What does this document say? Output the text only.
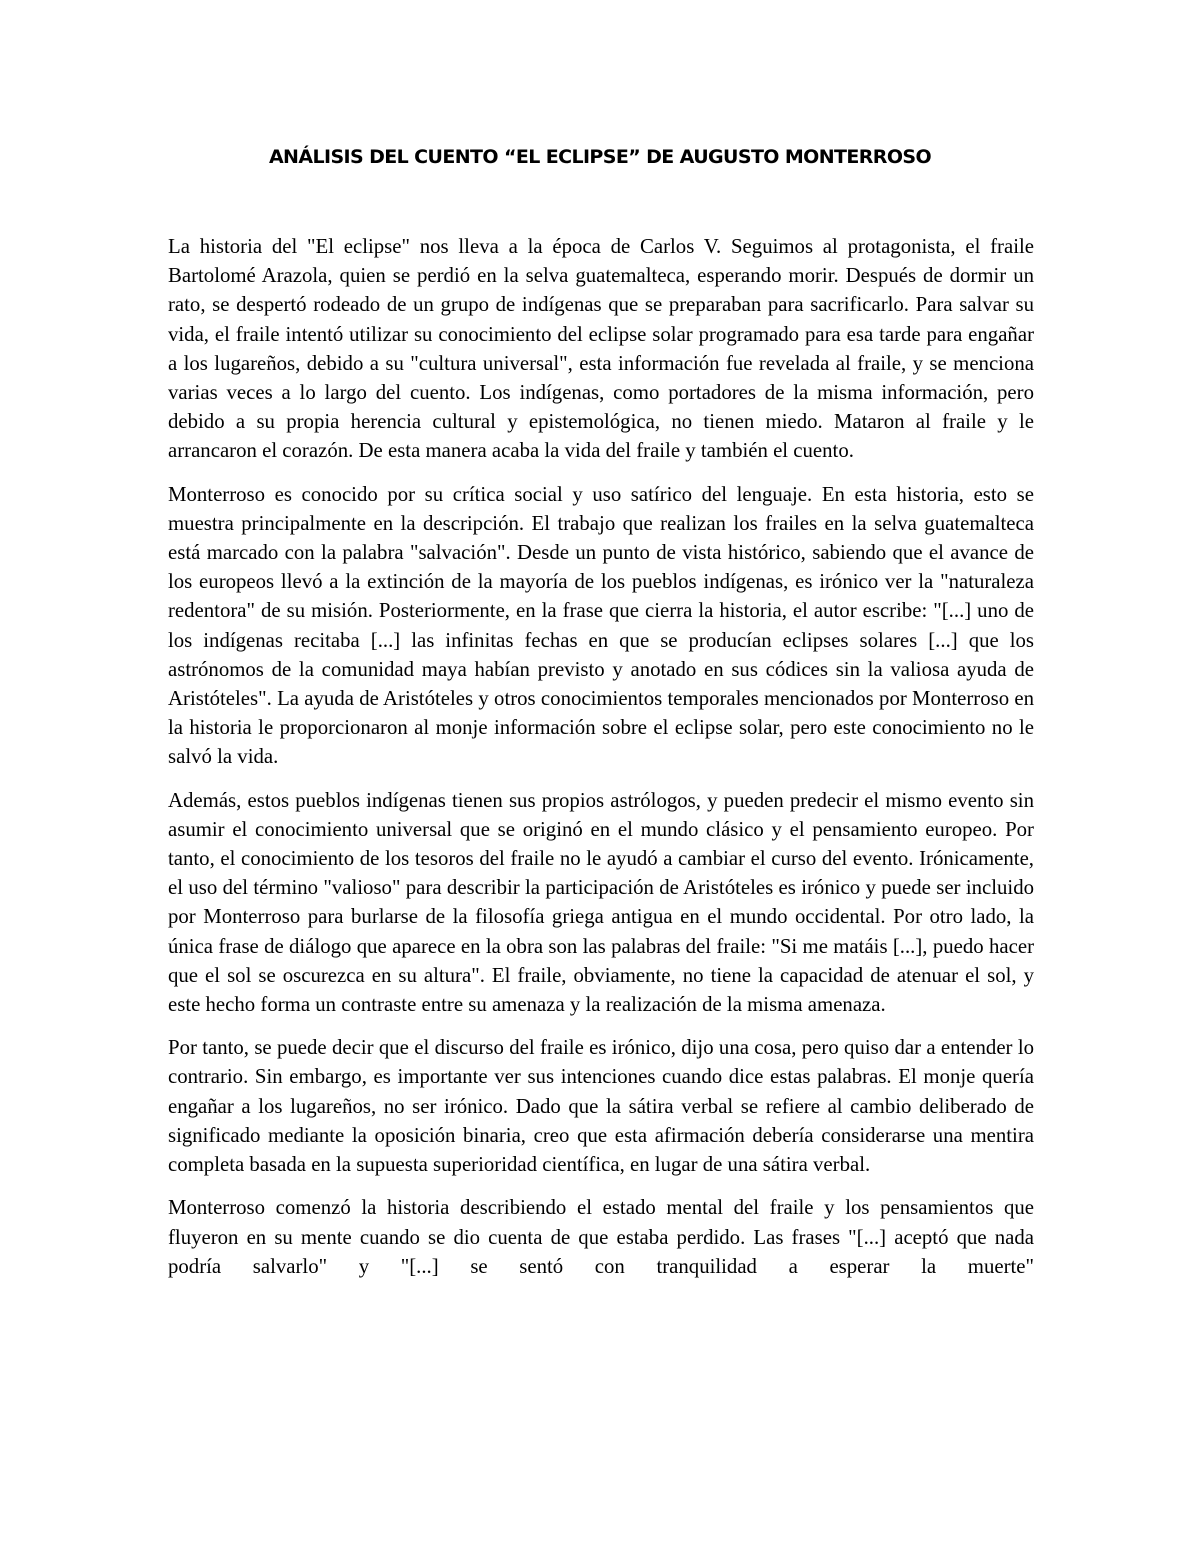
ANÁLISIS DEL CUENTO “EL ECLIPSE” DE AUGUSTO MONTERROSO

La historia del "El eclipse" nos lleva a la época de Carlos V. Seguimos al protagonista, el fraile Bartolomé Arazola, quien se perdió en la selva guatemalteca, esperando morir. Después de dormir un rato, se despertó rodeado de un grupo de indígenas que se preparaban para sacrificarlo. Para salvar su vida, el fraile intentó utilizar su conocimiento del eclipse solar programado para esa tarde para engañar a los lugareños, debido a su "cultura universal", esta información fue revelada al fraile, y se menciona varias veces a lo largo del cuento. Los indígenas, como portadores de la misma información, pero debido a su propia herencia cultural y epistemológica, no tienen miedo. Mataron al fraile y le arrancaron el corazón. De esta manera acaba la vida del fraile y también el cuento.

Monterroso es conocido por su crítica social y uso satírico del lenguaje. En esta historia, esto se muestra principalmente en la descripción. El trabajo que realizan los frailes en la selva guatemalteca está marcado con la palabra "salvación". Desde un punto de vista histórico, sabiendo que el avance de los europeos llevó a la extinción de la mayoría de los pueblos indígenas, es irónico ver la "naturaleza redentora" de su misión. Posteriormente, en la frase que cierra la historia, el autor escribe: "[...] uno de los indígenas recitaba [...] las infinitas fechas en que se producían eclipses solares [...] que los astrónomos de la comunidad maya habían previsto y anotado en sus códices sin la valiosa ayuda de Aristóteles". La ayuda de Aristóteles y otros conocimientos temporales mencionados por Monterroso en la historia le proporcionaron al monje información sobre el eclipse solar, pero este conocimiento no le salvó la vida.

Además, estos pueblos indígenas tienen sus propios astrólogos, y pueden predecir el mismo evento sin asumir el conocimiento universal que se originó en el mundo clásico y el pensamiento europeo. Por tanto, el conocimiento de los tesoros del fraile no le ayudó a cambiar el curso del evento. Irónicamente, el uso del término "valioso" para describir la participación de Aristóteles es irónico y puede ser incluido por Monterroso para burlarse de la filosofía griega antigua en el mundo occidental. Por otro lado, la única frase de diálogo que aparece en la obra son las palabras del fraile: "Si me matáis [...], puedo hacer que el sol se oscurezca en su altura". El fraile, obviamente, no tiene la capacidad de atenuar el sol, y este hecho forma un contraste entre su amenaza y la realización de la misma amenaza.

Por tanto, se puede decir que el discurso del fraile es irónico, dijo una cosa, pero quiso dar a entender lo contrario. Sin embargo, es importante ver sus intenciones cuando dice estas palabras. El monje quería engañar a los lugareños, no ser irónico. Dado que la sátira verbal se refiere al cambio deliberado de significado mediante la oposición binaria, creo que esta afirmación debería considerarse una mentira completa basada en la supuesta superioridad científica, en lugar de una sátira verbal.

Monterroso comenzó la historia describiendo el estado mental del fraile y los pensamientos que fluyeron en su mente cuando se dio cuenta de que estaba perdido. Las frases "[...] aceptó que nada podría salvarlo" y "[...] se sentó con tranquilidad a esperar la muerte"
